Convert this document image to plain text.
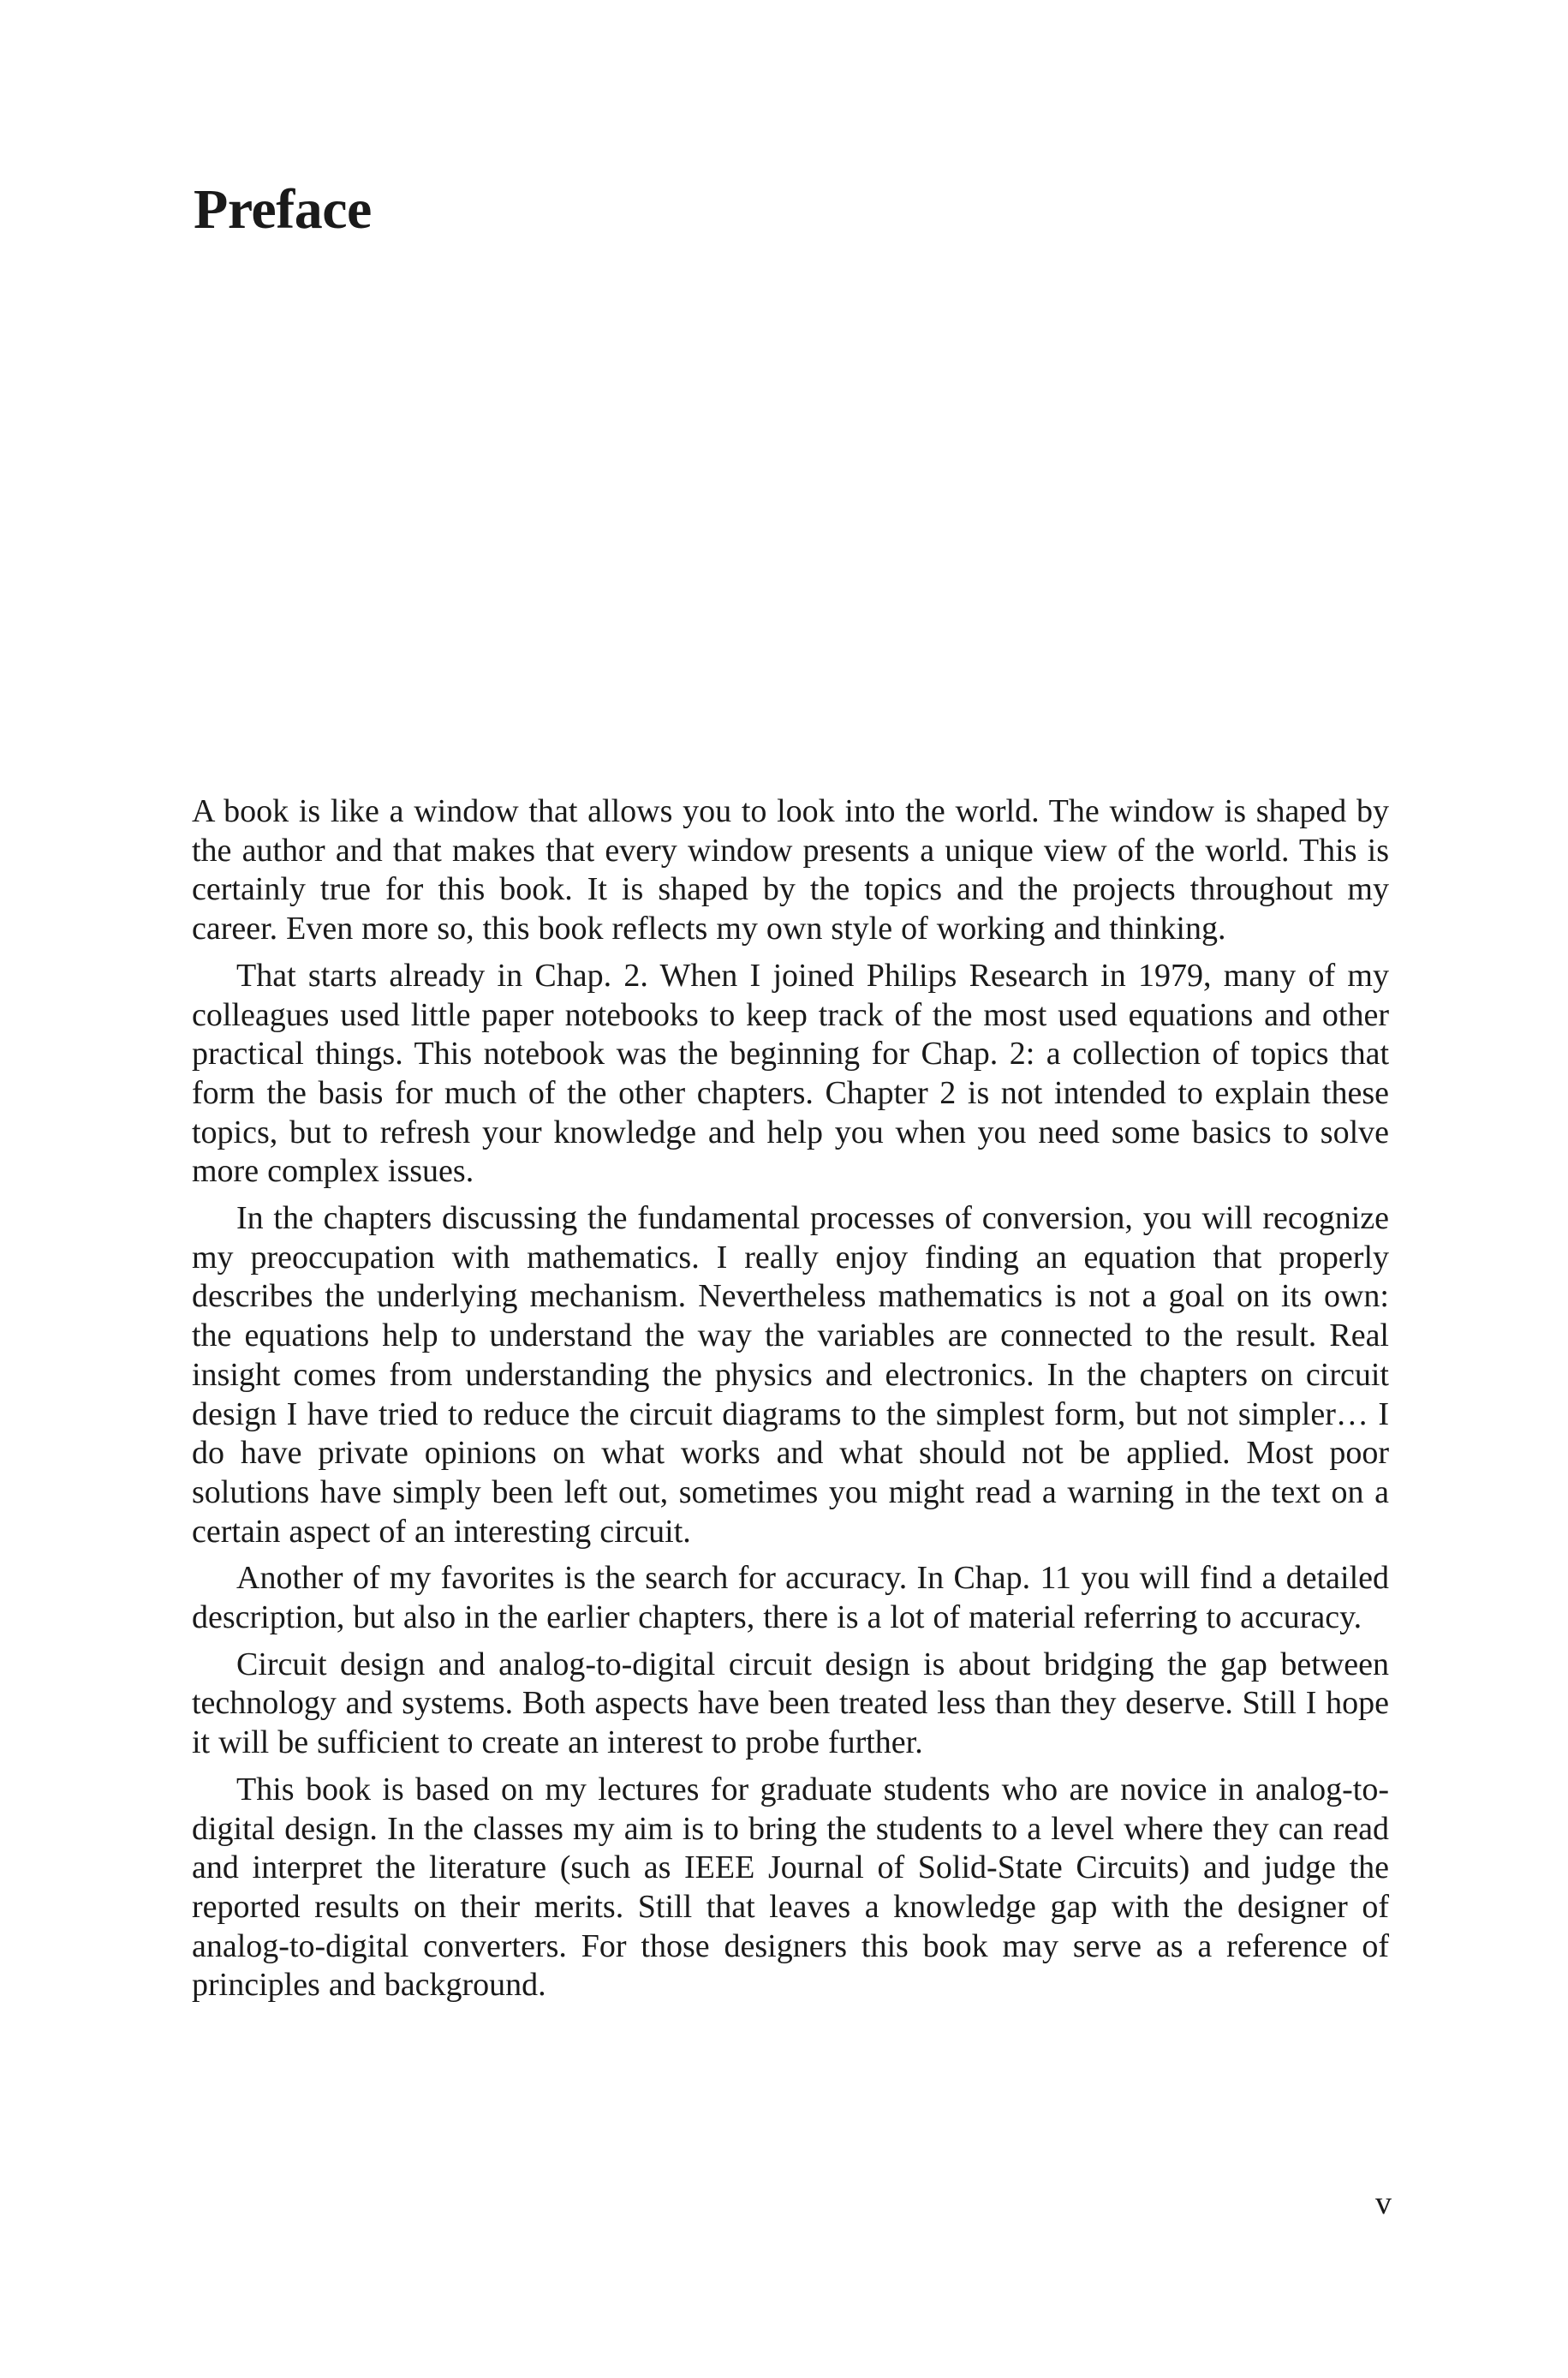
Preface

A book is like a window that allows you to look into the world. The window is shaped by the author and that makes that every window presents a unique view of the world. This is certainly true for this book. It is shaped by the topics and the projects throughout my career. Even more so, this book reflects my own style of working and thinking.

That starts already in Chap. 2. When I joined Philips Research in 1979, many of my colleagues used little paper notebooks to keep track of the most used equations and other practical things. This notebook was the beginning for Chap. 2: a collection of topics that form the basis for much of the other chapters. Chapter 2 is not intended to explain these topics, but to refresh your knowledge and help you when you need some basics to solve more complex issues.

In the chapters discussing the fundamental processes of conversion, you will recognize my preoccupation with mathematics. I really enjoy finding an equation that properly describes the underlying mechanism. Nevertheless mathematics is not a goal on its own: the equations help to understand the way the variables are connected to the result. Real insight comes from understanding the physics and electronics. In the chapters on circuit design I have tried to reduce the circuit diagrams to the simplest form, but not simpler… I do have private opinions on what works and what should not be applied. Most poor solutions have simply been left out, sometimes you might read a warning in the text on a certain aspect of an interesting circuit.

Another of my favorites is the search for accuracy. In Chap. 11 you will find a detailed description, but also in the earlier chapters, there is a lot of material referring to accuracy.

Circuit design and analog-to-digital circuit design is about bridging the gap between technology and systems. Both aspects have been treated less than they deserve. Still I hope it will be sufficient to create an interest to probe further.

This book is based on my lectures for graduate students who are novice in analog-to-digital design. In the classes my aim is to bring the students to a level where they can read and interpret the literature (such as IEEE Journal of Solid-State Circuits) and judge the reported results on their merits. Still that leaves a knowledge gap with the designer of analog-to-digital converters. For those designers this book may serve as a reference of principles and background.

v
